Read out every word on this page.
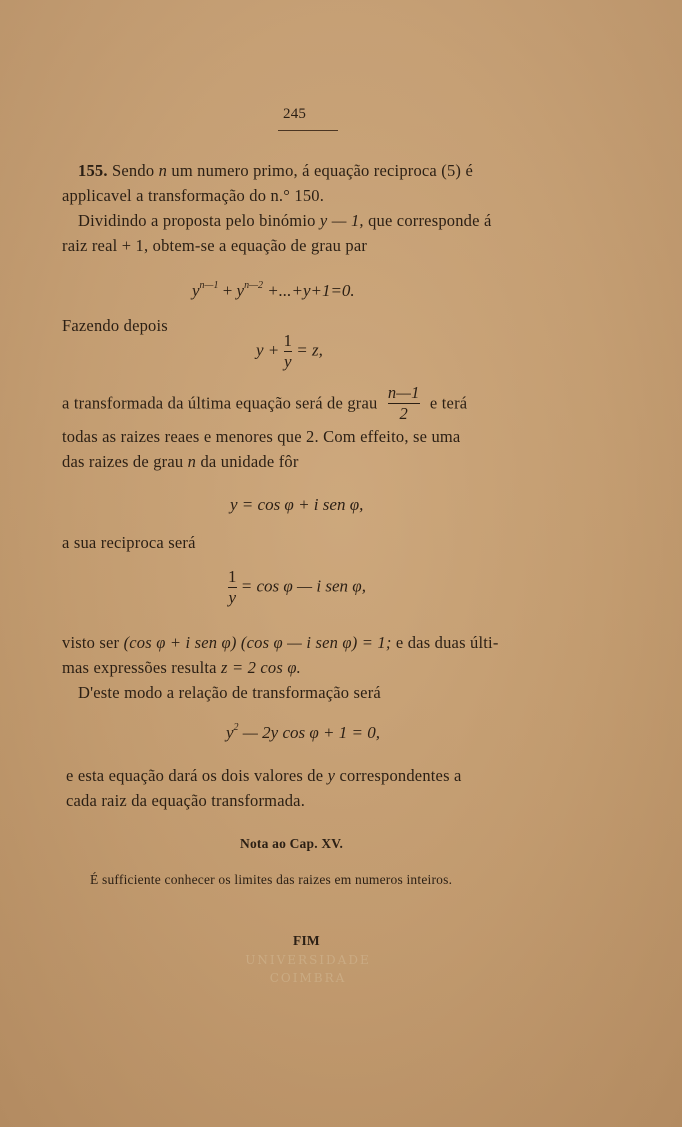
245
155. Sendo n um numero primo, á equação reciproca (5) é
applicavel a transformação do n.° 150.
Dividindo a proposta pelo binómio y — 1, que corresponde á
raiz real + 1, obtem-se a equação de grau par
$y^{n—1} + y^{n—2} +...+y+1=0$.
Fazendo depois
$y + \frac{1}{y} = z$,
a transformada da última equação será de grau $\frac{n—1}{2}$ e terá
todas as raizes reaes e menores que 2. Com effeito, se uma
das raizes de grau n da unidade fôr
y = cos φ + i sen φ,
a sua reciproca será
$\frac{1}{y} = \cos \varphi$ — i sen φ,
visto ser (cos φ + i sen φ) (cos φ — i sen φ) = 1; e das duas últi-
mas expressões resulta z = 2 cos φ.
D'este modo a relação de transformação será
$y^2$ — 2y cos φ + 1 = 0,
e esta equação dará os dois valores de y correspondentes a
cada raiz da equação transformada.
Nota ao Cap. XV.
É sufficiente conhecer os limites das raizes em numeros inteiros.
FIM
UNIVERSIDADE
COIMBRA
